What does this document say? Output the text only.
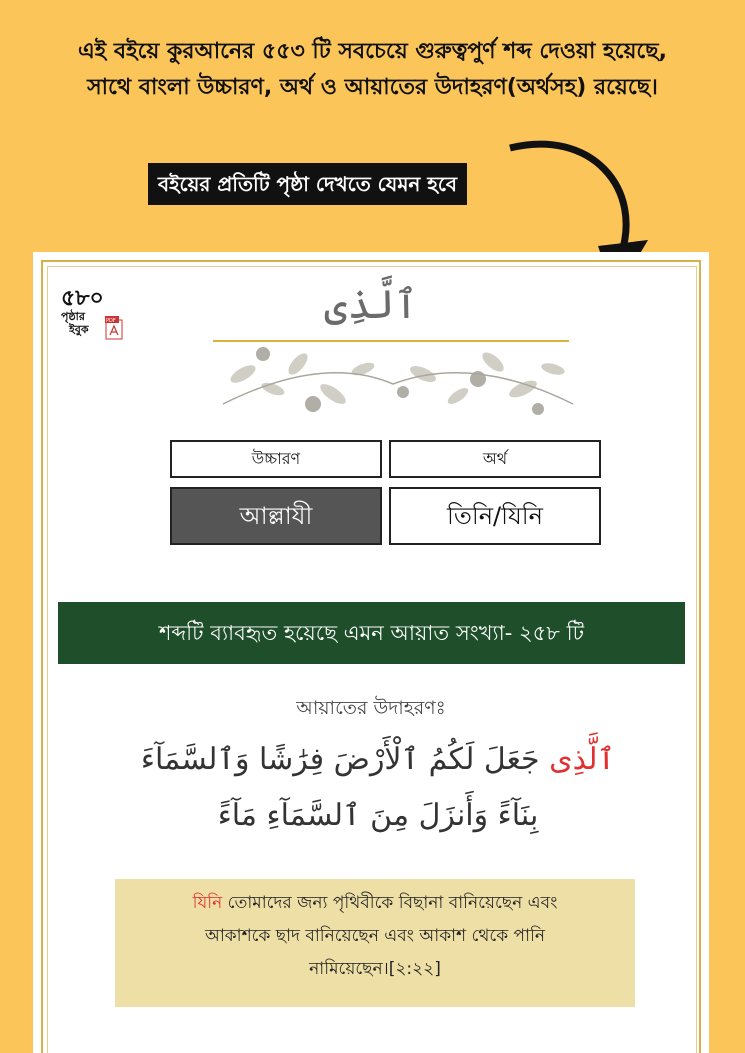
এই বইয়ে কুরআনের ৫৫৩ টি সবচেয়ে গুরুত্বপুর্ণ শব্দ দেওয়া হয়েছে,
সাথে বাংলা উচ্চারণ, অর্থ ও আয়াতের উদাহরণ(অর্থসহ) রয়েছে।
বইয়ের প্রতিটি পৃষ্ঠা দেখতে যেমন হবে
৫৮০
পৃষ্ঠার
ইবুক
PDF	ٱلَّذِى
উচ্চারণ	অর্থ
আল্লাযী	তিনি/যিনি
শব্দটি ব্যাবহৃত হয়েছে এমন আয়াত সংখ্যা- ২৫৮ টি
আয়াতের উদাহরণঃ
ٱلَّذِى جَعَلَ لَكُمُ ٱلْأَرْضَ فِرَٰشًا وَٱلسَّمَآءَ
بِنَآءً وَأَنزَلَ مِنَ ٱلسَّمَآءِ مَآءً
যিনি তোমাদের জন্য পৃথিবীকে বিছানা বানিয়েছেন এবং
আকাশকে ছাদ বানিয়েছেন এবং আকাশ থেকে পানি
নামিয়েছেন।[২:২২]
